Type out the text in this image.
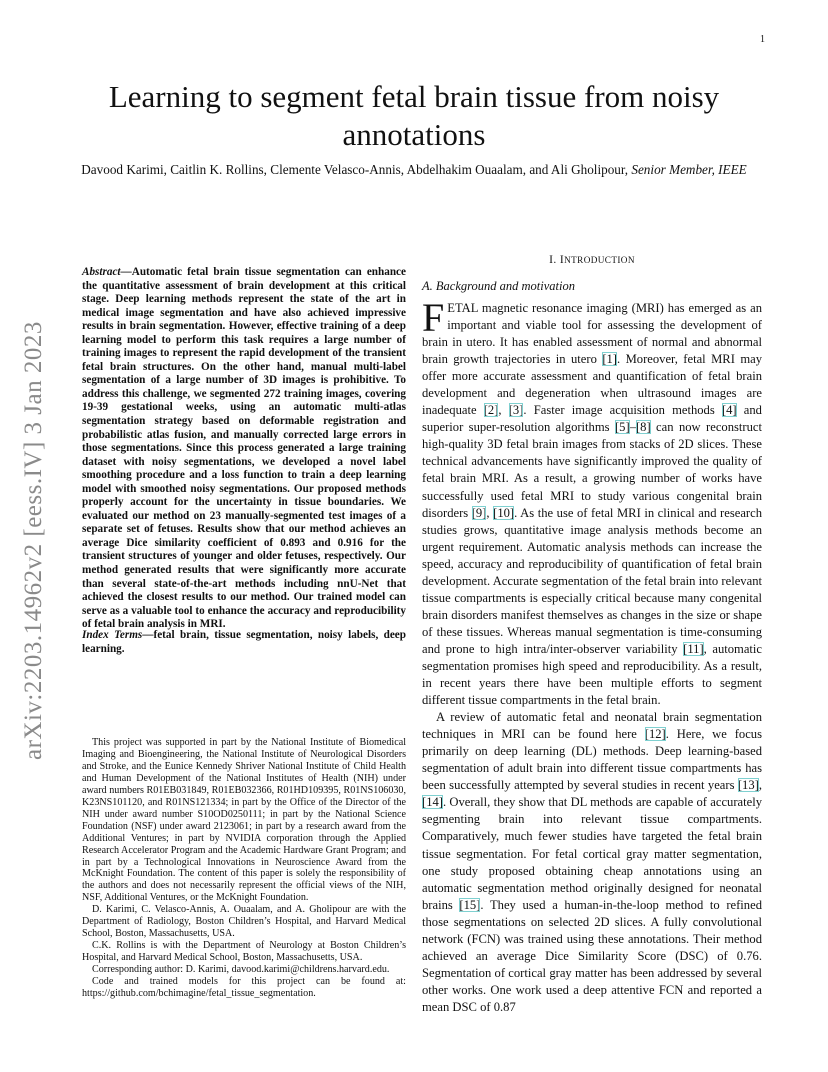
1
arXiv:2203.14962v2 [eess.IV] 3 Jan 2023
Learning to segment fetal brain tissue from noisy annotations
Davood Karimi, Caitlin K. Rollins, Clemente Velasco-Annis, Abdelhakim Ouaalam, and Ali Gholipour, Senior Member, IEEE
Abstract—Automatic fetal brain tissue segmentation can enhance the quantitative assessment of brain development at this critical stage. Deep learning methods represent the state of the art in medical image segmentation and have also achieved impressive results in brain segmentation. However, effective training of a deep learning model to perform this task requires a large number of training images to represent the rapid development of the transient fetal brain structures. On the other hand, manual multi-label segmentation of a large number of 3D images is prohibitive. To address this challenge, we segmented 272 training images, covering 19-39 gestational weeks, using an automatic multi-atlas segmentation strategy based on deformable registration and probabilistic atlas fusion, and manually corrected large errors in those segmentations. Since this process generated a large training dataset with noisy segmentations, we developed a novel label smoothing procedure and a loss function to train a deep learning model with smoothed noisy segmentations. Our proposed methods properly account for the uncertainty in tissue boundaries. We evaluated our method on 23 manually-segmented test images of a separate set of fetuses. Results show that our method achieves an average Dice similarity coefficient of 0.893 and 0.916 for the transient structures of younger and older fetuses, respectively. Our method generated results that were significantly more accurate than several state-of-the-art methods including nnU-Net that achieved the closest results to our method. Our trained model can serve as a valuable tool to enhance the accuracy and reproducibility of fetal brain analysis in MRI.
Index Terms—fetal brain, tissue segmentation, noisy labels, deep learning.

This project was supported in part by the National Institute of Biomedical Imaging and Bioengineering, the National Institute of Neurological Disorders and Stroke, and the Eunice Kennedy Shriver National Institute of Child Health and Human Development of the National Institutes of Health (NIH) under award numbers R01EB031849, R01EB032366, R01HD109395, R01NS106030, K23NS101120, and R01NS121334; in part by the Office of the Director of the NIH under award number S10OD0250111; in part by the National Science Foundation (NSF) under award 2123061; in part by a research award from the Additional Ventures; in part by NVIDIA corporation through the Applied Research Accelerator Program and the Academic Hardware Grant Program; and in part by a Technological Innovations in Neuroscience Award from the McKnight Foundation. The content of this paper is solely the responsibility of the authors and does not necessarily represent the official views of the NIH, NSF, Additional Ventures, or the McKnight Foundation.

D. Karimi, C. Velasco-Annis, A. Ouaalam, and A. Gholipour are with the Department of Radiology, Boston Children’s Hospital, and Harvard Medical School, Boston, Massachusetts, USA.

C.K. Rollins is with the Department of Neurology at Boston Children’s Hospital, and Harvard Medical School, Boston, Massachusetts, USA.

Corresponding author: D. Karimi, davood.karimi@childrens.harvard.edu.

Code and trained models for this project can be found at: https://github.com/bchimagine/fetal_tissue_segmentation.

I. INTRODUCTION
A. Background and motivation

FETAL magnetic resonance imaging (MRI) has emerged as an important and viable tool for assessing the development of brain in utero. It has enabled assessment of normal and abnormal brain growth trajectories in utero [1]. Moreover, fetal MRI may offer more accurate assessment and quantification of fetal brain development and degeneration when ultrasound images are inadequate [2], [3]. Faster image acquisition methods [4] and superior super-resolution algorithms [5]–[8] can now reconstruct high-quality 3D fetal brain images from stacks of 2D slices. These technical advancements have significantly improved the quality of fetal brain MRI. As a result, a growing number of works have successfully used fetal MRI to study various congenital brain disorders [9], [10]. As the use of fetal MRI in clinical and research studies grows, quantitative image analysis methods become an urgent requirement. Automatic analysis methods can increase the speed, accuracy and reproducibility of quantification of fetal brain development. Accurate segmentation of the fetal brain into relevant tissue compartments is especially critical because many congenital brain disorders manifest themselves as changes in the size or shape of these tissues. Whereas manual segmentation is time-consuming and prone to high intra/inter-observer variability [11], automatic segmentation promises high speed and reproducibility. As a result, in recent years there have been multiple efforts to segment different tissue compartments in the fetal brain.

A review of automatic fetal and neonatal brain segmentation techniques in MRI can be found here [12]. Here, we focus primarily on deep learning (DL) methods. Deep learning-based segmentation of adult brain into different tissue compartments has been successfully attempted by several studies in recent years [13], [14]. Overall, they show that DL methods are capable of accurately segmenting brain into relevant tissue compartments. Comparatively, much fewer studies have targeted the fetal brain tissue segmentation. For fetal cortical gray matter segmentation, one study proposed obtaining cheap annotations using an automatic segmentation method originally designed for neonatal brains [15]. They used a human-in-the-loop method to refined those segmentations on selected 2D slices. A fully convolutional network (FCN) was trained using these annotations. Their method achieved an average Dice Similarity Score (DSC) of 0.76. Segmentation of cortical gray matter has been addressed by several other works. One work used a deep attentive FCN and reported a mean DSC of 0.87
